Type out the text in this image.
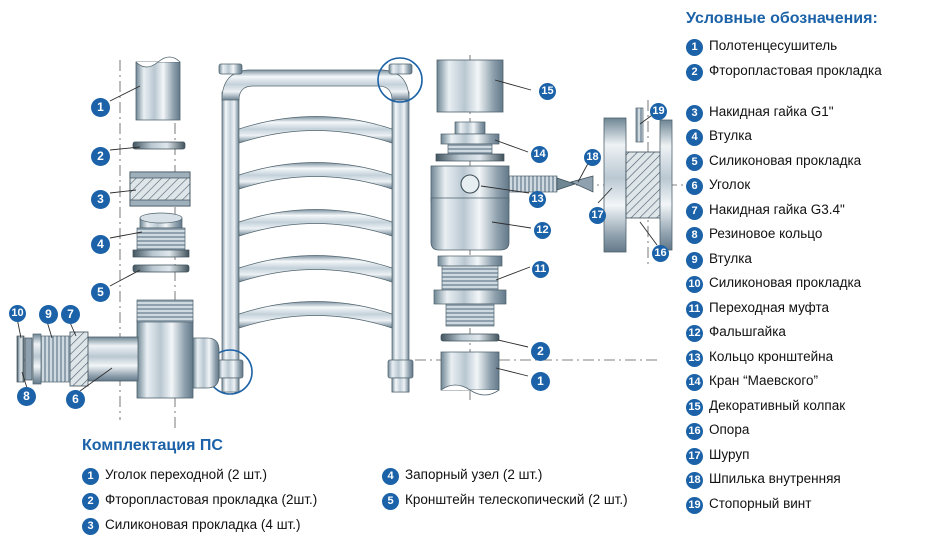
1
2
3
4
5
6
7
8
9
10
11
12
13
14
15
16
17
18
19
2
1
Условные обозначения:
1 Полотенцесушитель
2 Фторопластовая прокладка
3 Накидная гайка G1"
4 Втулка
5 Силиконовая прокладка
6 Уголок
7 Накидная гайка G3.4"
8 Резиновое кольцо
9 Втулка
10 Силиконовая прокладка
11 Переходная муфта
12 Фальшгайка
13 Кольцо кронштейна
14 Кран “Маевского”
15 Декоративный колпак
16 Опора
17 Шуруп
18 Шпилька внутренняя
19 Стопорный винт
Комплектация ПС
1 Уголок переходной (2 шт.)
2 Фторопластовая прокладка (2шт.)
3 Силиконовая прокладка (4 шт.)
4 Запорный узел (2 шт.)
5 Кронштейн телескопический (2 шт.)
